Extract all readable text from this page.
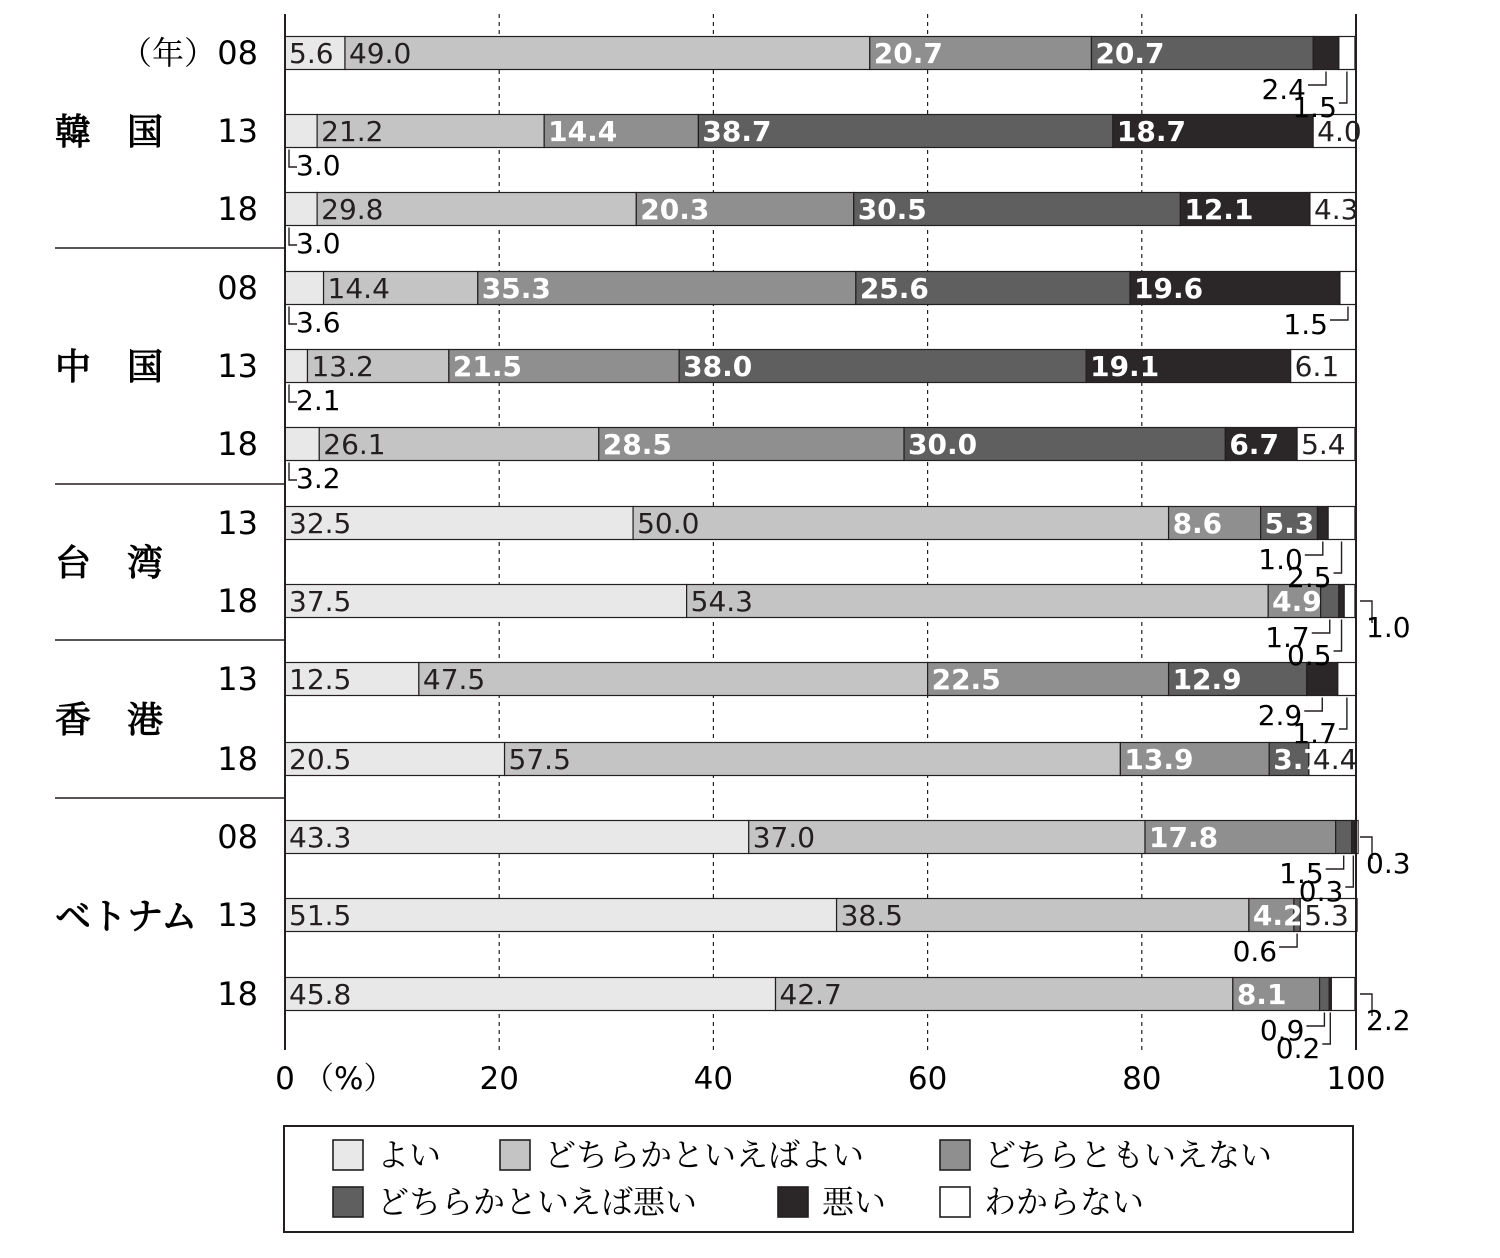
5.6 49.0	20.7	20.7
2.4
1.5
3.0
21.2	14.4	38.7	18.7	4.0
3.0
29.8	20.3	30.5	12.1 4.3
3.6
14.4	35.3	25.6	19.6
1.5
2.1
13.2	21.5	38.0	19.1	6.1
3.2
26.1	28.5	30.0	6.7 5.4
32.5	50.0	8.6 5.3
1.0
2.5
37.5	54.3	4.9
1.7
0.5
1.0
12.5	47.5	22.5	12.9
2.9
1.7
20.5	57.5	13.9	3.7
4.4
43.3	37.0	17.8
1.5
0.3
0.3
51.5	38.5	4.2
0.6
5.3
45.8	42.7	8.1
0.9
0.2
2.2
0	20	40	60	80	100
（%）
韓　国
08
（年）
13
18
中　国
08
13
18
台　湾
13
18
香　港
13
18
ベトナム
08
13
18
よい	どちらかといえばよい	どちらともいえない
どちらかといえば悪い	悪い	わからない
